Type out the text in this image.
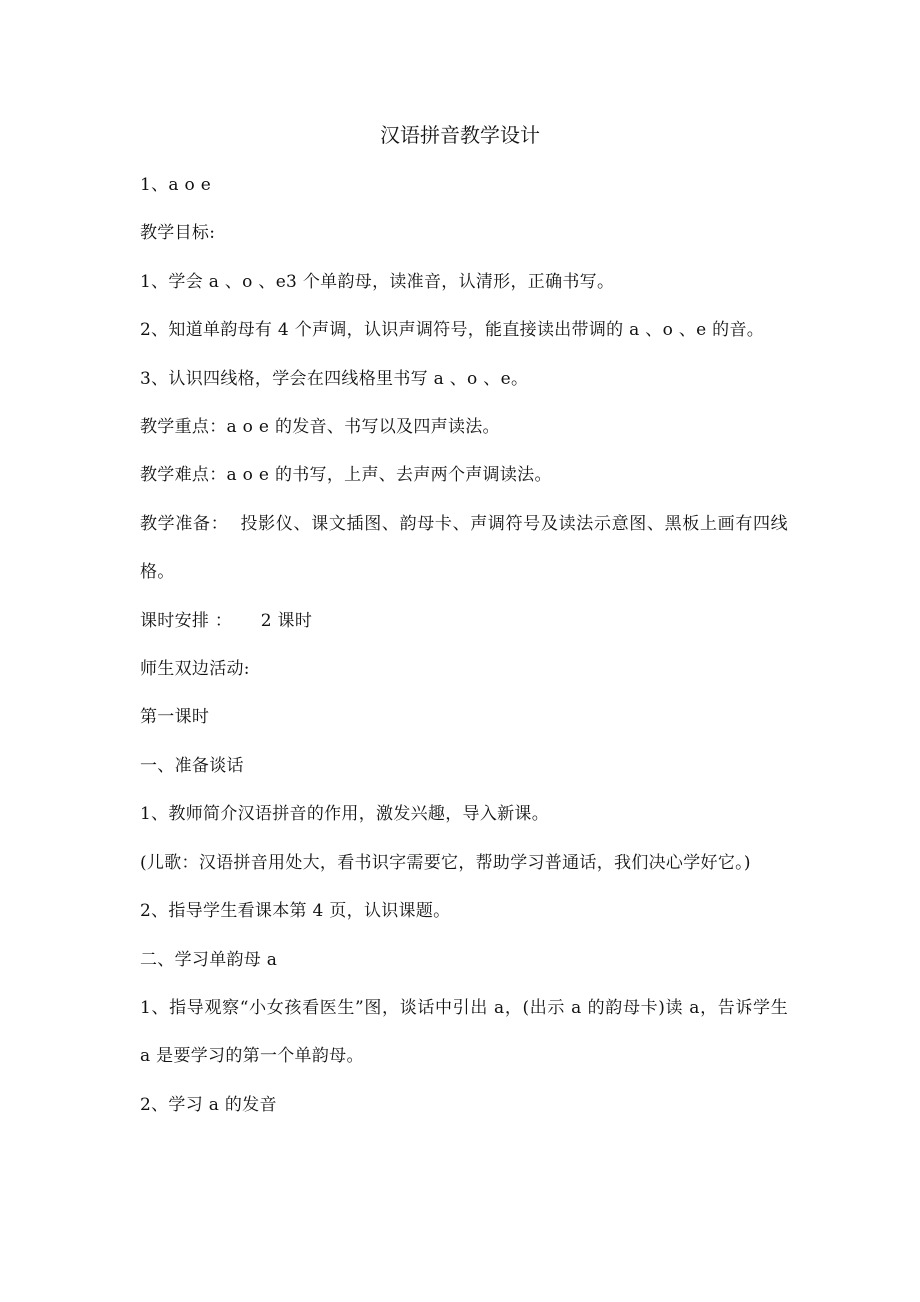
汉语拼音教学设计
1、a o e
教学目标:
1、学会 a 、o 、e3 个单韵母，读准音，认清形，正确书写。
2、知道单韵母有 4 个声调，认识声调符号，能直接读出带调的 a 、o 、e 的音。
3、认识四线格，学会在四线格里书写 a 、o 、e。
教学重点：a o e 的发音、书写以及四声读法。
教学难点：a o e 的书写，上声、去声两个声调读法。
教学准备：  投影仪、课文插图、韵母卡、声调符号及读法示意图、黑板上画有四线格。
课时安排 ：     2 课时
师生双边活动:
第一课时
一、准备谈话
1、教师简介汉语拼音的作用，激发兴趣，导入新课。
(儿歌：汉语拼音用处大，看书识字需要它，帮助学习普通话，我们决心学好它。)
2、指导学生看课本第 4 页，认识课题。
二、学习单韵母 a
1、指导观察“小女孩看医生”图，谈话中引出 a，(出示 a 的韵母卡)读 a，告诉学生 a 是要学习的第一个单韵母。
2、学习 a 的发音
